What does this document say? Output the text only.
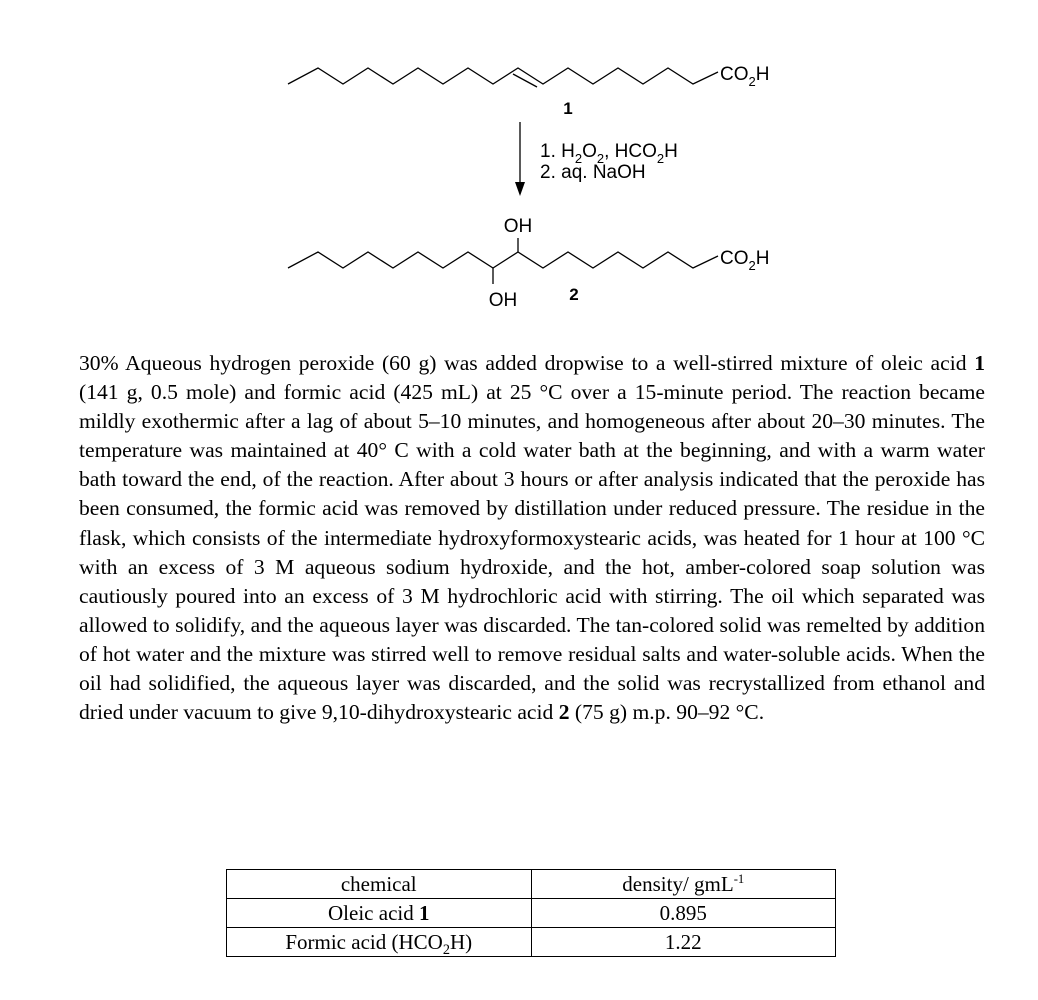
$CO_2H$
1
1. $H_2O_2$, $HCO_2H$
2. aq. NaOH
OH
OH
$CO_2H$
2

30% Aqueous hydrogen peroxide (60 g) was added dropwise to a well-stirred mixture of oleic acid 1 (141 g, 0.5 mole) and formic acid (425 mL) at 25 °C over a 15-minute period. The reaction became mildly exothermic after a lag of about 5–10 minutes, and homogeneous after about 20–30 minutes. The temperature was maintained at 40° C with a cold water bath at the beginning, and with a warm water bath toward the end, of the reaction. After about 3 hours or after analysis indicated that the peroxide has been consumed, the formic acid was removed by distillation under reduced pressure. The residue in the flask, which consists of the intermediate hydroxyformoxystearic acids, was heated for 1 hour at 100 °C with an excess of 3 M aqueous sodium hydroxide, and the hot, amber-colored soap solution was cautiously poured into an excess of 3 M hydrochloric acid with stirring. The oil which separated was allowed to solidify, and the aqueous layer was discarded. The tan-colored solid was remelted by addition of hot water and the mixture was stirred well to remove residual salts and water-soluble acids. When the oil had solidified, the aqueous layer was discarded, and the solid was recrystallized from ethanol and dried under vacuum to give 9,10-dihydroxystearic acid 2 (75 g) m.p. 90–92 °C.

chemical	density/ gmL$^{-1}$
Oleic acid 1	0.895
Formic acid $(HCO_2H)$	1.22
